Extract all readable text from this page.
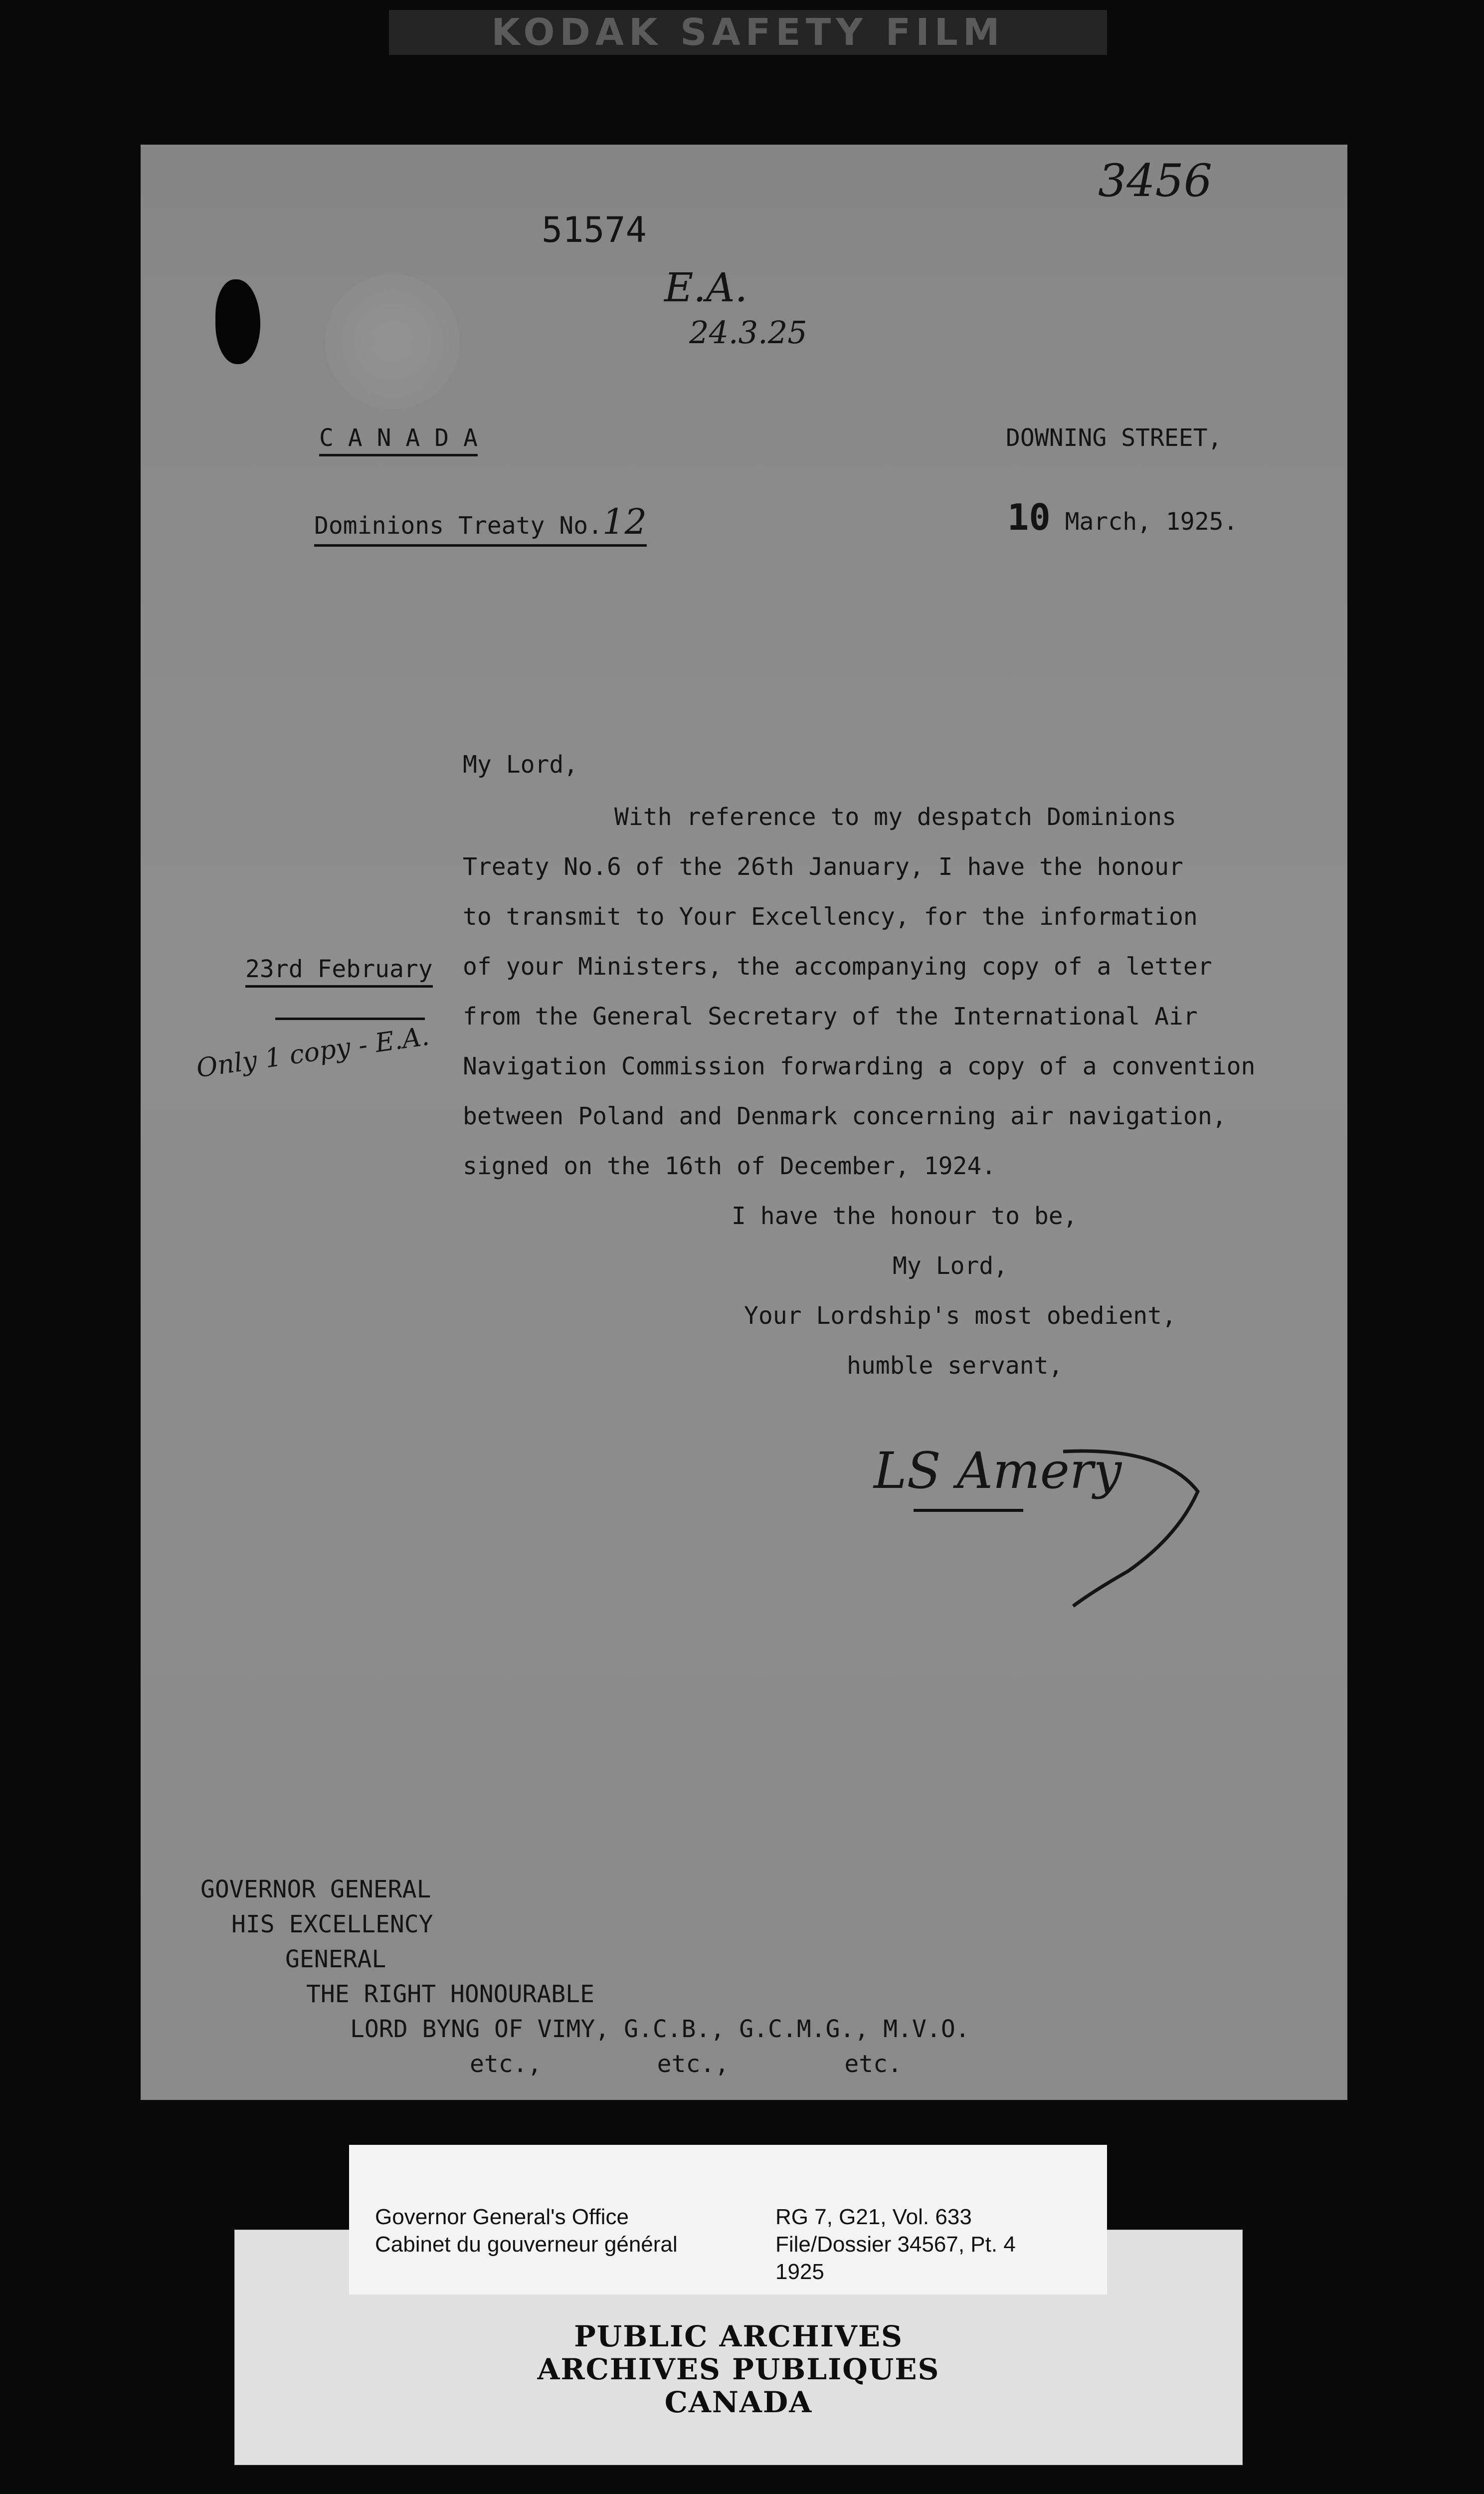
KODAK SAFETY FILM
3456
51574
E.A.
24.3.25
C A N A D A	DOWNING STREET,
Dominions Treaty No.12	10 March, 1925.
My Lord,
With reference to my despatch Dominions
Treaty No.6 of the 26th January, I have the honour
to transmit to Your Excellency, for the information
of your Ministers, the accompanying copy of a letter
from the General Secretary of the International Air
Navigation Commission forwarding a copy of a convention
between Poland and Denmark concerning air navigation,
signed on the 16th of December, 1924.
23rd February
Only 1 copy - E.A.
I have the honour to be,
My Lord,
Your Lordship's most obedient,
humble servant,
LS Amery
GOVERNOR GENERAL
HIS EXCELLENCY
GENERAL
THE RIGHT HONOURABLE
LORD BYNG OF VIMY, G.C.B., G.C.M.G., M.V.O.
etc.,        etc.,        etc.
PUBLIC ARCHIVES
ARCHIVES PUBLIQUES
CANADA
Governor General's Office
Cabinet du gouverneur général
RG 7, G21, Vol. 633
File/Dossier 34567, Pt. 4
1925
